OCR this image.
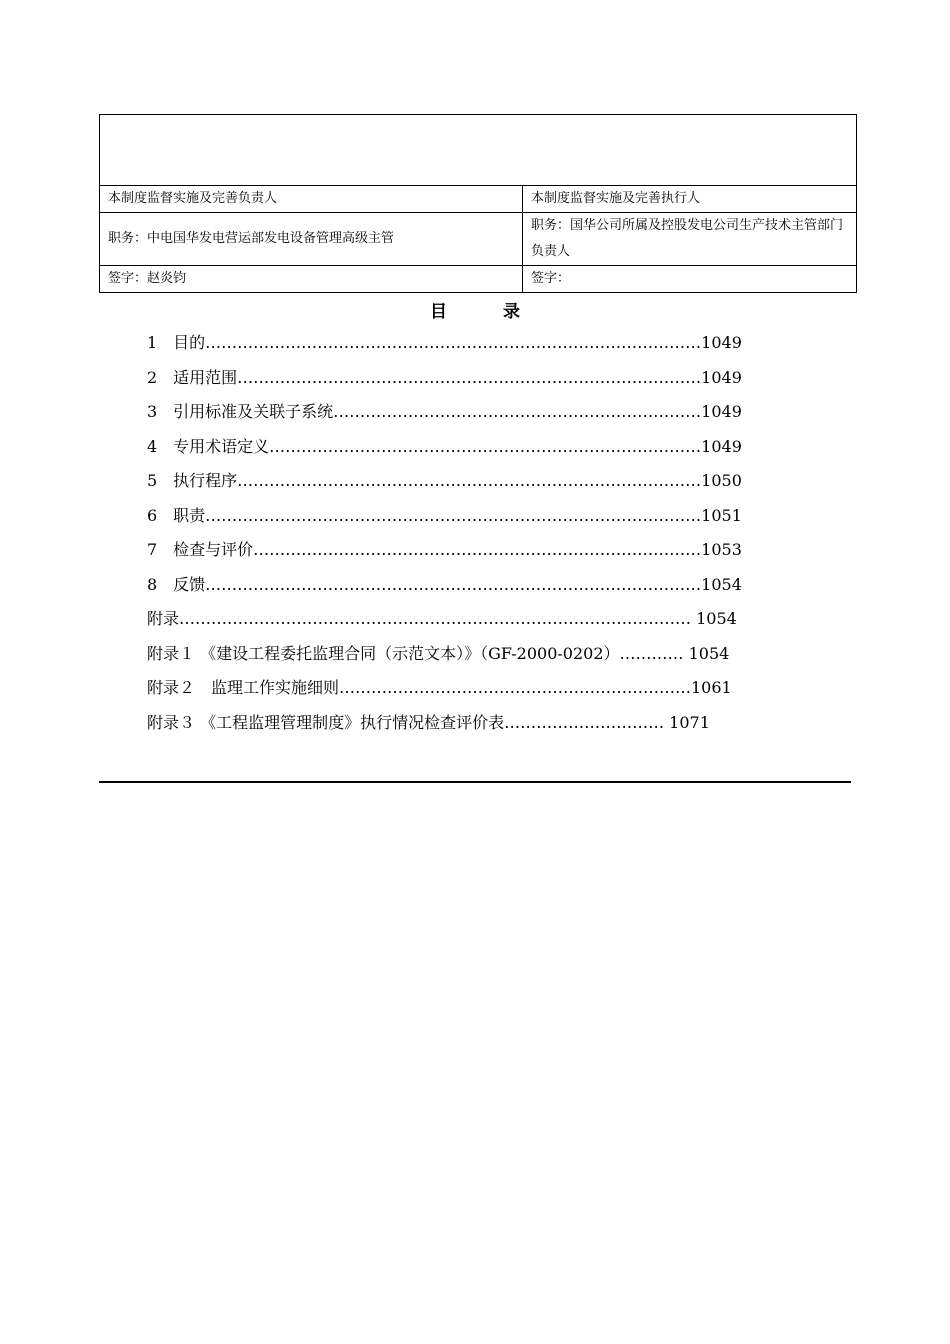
本制度监督实施及完善负责人	本制度监督实施及完善执行人
职务：中电国华发电营运部发电设备管理高级主管	职务：国华公司所属及控股发电公司生产技术主管部门负责人
签字：赵炎钧	签字：
目	录
1　目的…………………………………………………………………………………1049
2　适用范围……………………………………………………………………………1049
3　引用标准及关联子系统……………………………………………………………1049
4　专用术语定义………………………………………………………………………1049
5　执行程序……………………………………………………………………………1050
6　职责…………………………………………………………………………………1051
7　检查与评价…………………………………………………………………………1053
8　反馈…………………………………………………………………………………1054
附录…………………………………………………………………………………… 1054
附录１ 《建设工程委托监理合同（示范文本）》（GF-2000-0202）………… 1054
附录２　监理工作实施细则…………………………………………………………1061
附录３ 《工程监理管理制度》执行情况检查评价表………………………… 1071
